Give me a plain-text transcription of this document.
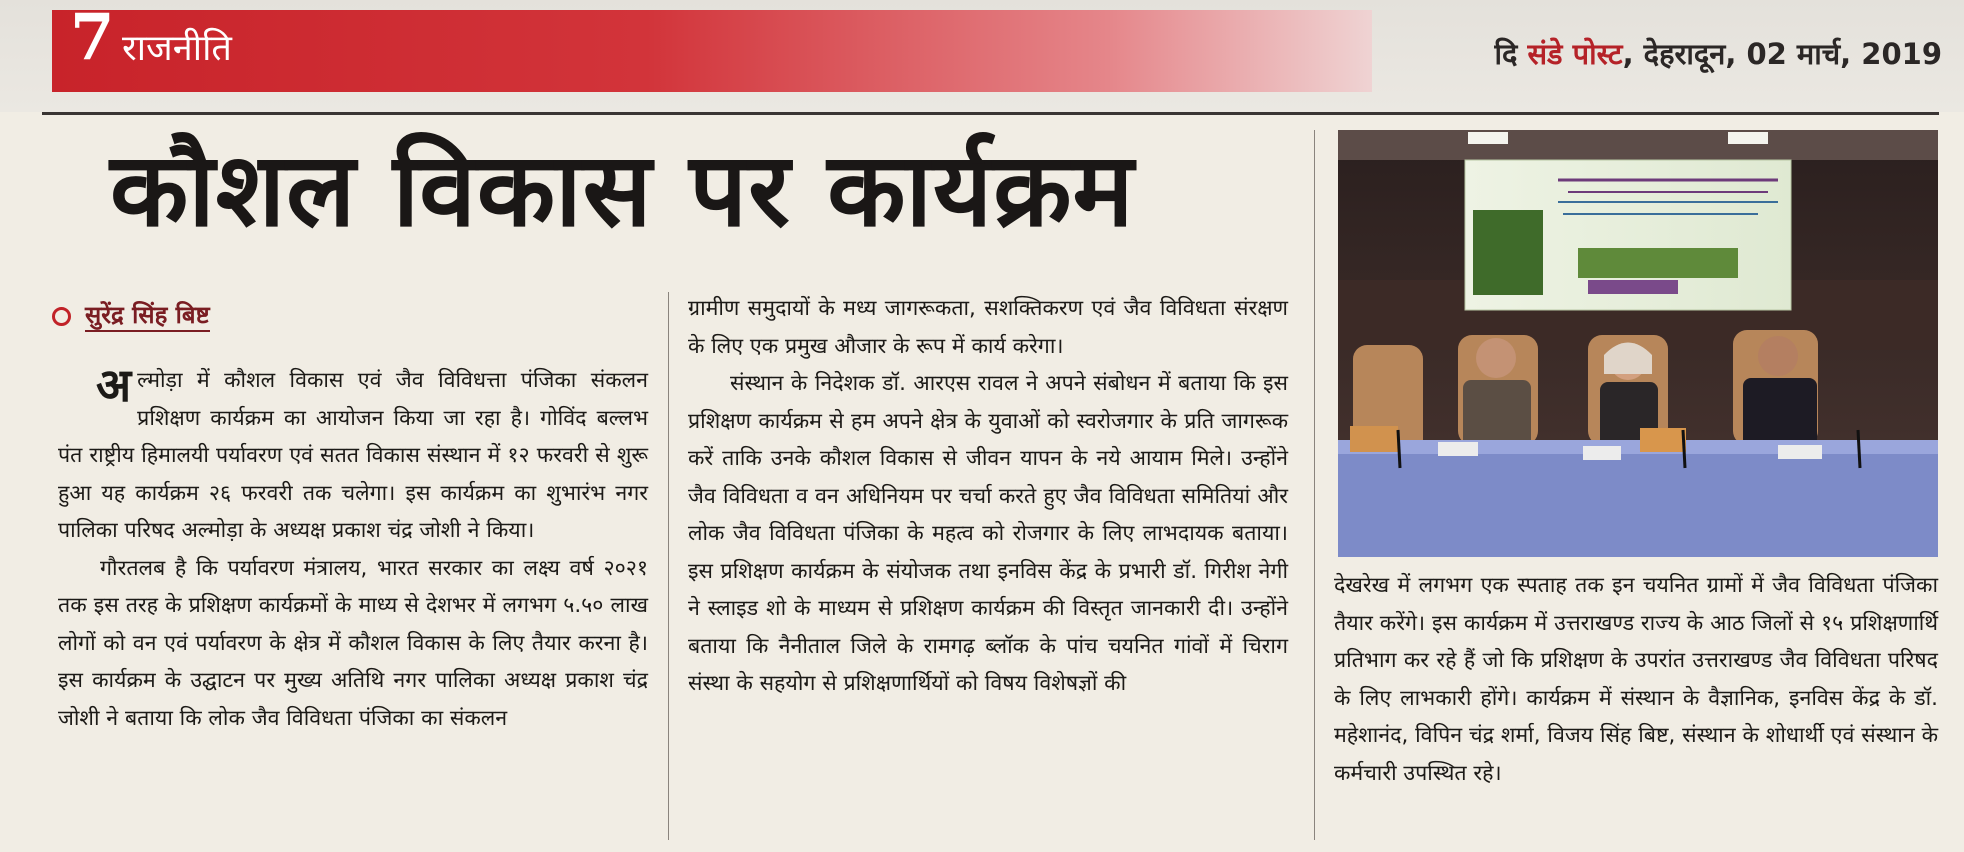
7 राजनीति	दि संडे पोस्ट, देहरादून, 02 मार्च, 2019
कौशल विकास पर कार्यक्रम
सुरेंद्र सिंह बिष्ट

अल्मोड़ा में कौशल विकास एवं जैव विविधत्ता पंजिका संकलन प्रशिक्षण कार्यक्रम का आयोजन किया जा रहा है। गोविंद बल्लभ पंत राष्ट्रीय हिमालयी पर्यावरण एवं सतत विकास संस्थान में १२ फरवरी से शुरू हुआ यह कार्यक्रम २६ फरवरी तक चलेगा। इस कार्यक्रम का शुभारंभ नगर पालिका परिषद अल्मोड़ा के अध्यक्ष प्रकाश चंद्र जोशी ने किया।

गौरतलब है कि पर्यावरण मंत्रालय, भारत सरकार का लक्ष्य वर्ष २०२१ तक इस तरह के प्रशिक्षण कार्यक्रमों के माध्य से देशभर में लगभग ५.५० लाख लोगों को वन एवं पर्यावरण के क्षेत्र में कौशल विकास के लिए तैयार करना है। इस कार्यक्रम के उद्घाटन पर मुख्य अतिथि नगर पालिका अध्यक्ष प्रकाश चंद्र जोशी ने बताया कि लोक जैव विविधता पंजिका का संकलन

ग्रामीण समुदायों के मध्य जागरूकता, सशक्तिकरण एवं जैव विविधता संरक्षण के लिए एक प्रमुख औजार के रूप में कार्य करेगा।

संस्थान के निदेशक डॉ. आरएस रावल ने अपने संबोधन में बताया कि इस प्रशिक्षण कार्यक्रम से हम अपने क्षेत्र के युवाओं को स्वरोजगार के प्रति जागरूक करें ताकि उनके कौशल विकास से जीवन यापन के नये आयाम मिले। उन्होंने जैव विविधता व वन अधिनियम पर चर्चा करते हुए जैव विविधता समितियां और लोक जैव विविधता पंजिका के महत्व को रोजगार के लिए लाभदायक बताया। इस प्रशिक्षण कार्यक्रम के संयोजक तथा इनविस केंद्र के प्रभारी डॉ. गिरीश नेगी ने स्लाइड शो के माध्यम से प्रशिक्षण कार्यक्रम की विस्तृत जानकारी दी। उन्होंने बताया कि नैनीताल जिले के रामगढ़ ब्लॉक के पांच चयनित गांवों में चिराग संस्था के सहयोग से प्रशिक्षणार्थियों को विषय विशेषज्ञों की

देखरेख में लगभग एक स्पताह तक इन चयनित ग्रामों में जैव विविधता पंजिका तैयार करेंगे। इस कार्यक्रम में उत्तराखण्ड राज्य के आठ जिलों से १५ प्रशिक्षणार्थि प्रतिभाग कर रहे हैं जो कि प्रशिक्षण के उपरांत उत्तराखण्ड जैव विविधता परिषद के लिए लाभकारी होंगे। कार्यक्रम में संस्थान के वैज्ञानिक, इनविस केंद्र के डॉ. महेशानंद, विपिन चंद्र शर्मा, विजय सिंह बिष्ट, संस्थान के शोधार्थी एवं संस्थान के कर्मचारी उपस्थित रहे।
